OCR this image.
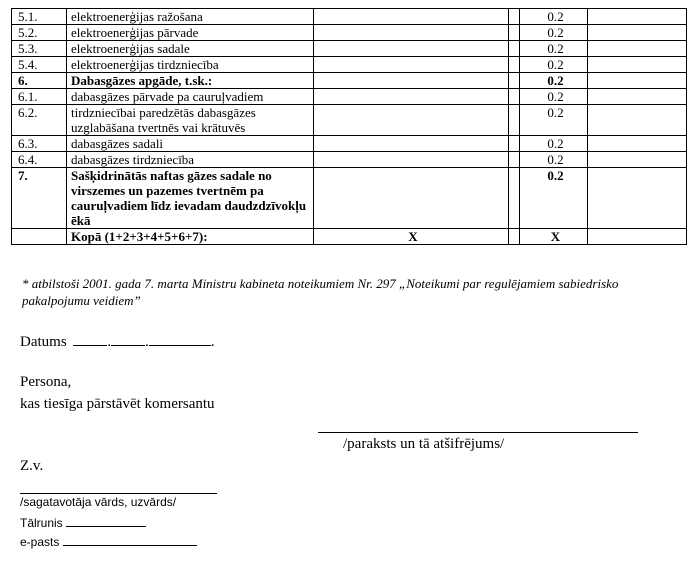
5.1.	elektroenerģijas ražošana			0.2	
5.2.	elektroenerģijas pārvade			0.2	
5.3.	elektroenerģijas sadale			0.2	
5.4.	elektroenerģijas tirdzniecība			0.2	
6.	Dabasgāzes apgāde, t.sk.:			0.2	
6.1.	dabasgāzes pārvade pa cauruļvadiem			0.2	
6.2.	tirdzniecībai paredzētās dabasgāzes uzglabāšana tvertnēs vai krātuvēs			0.2	
6.3.	dabasgāzes sadali			0.2	
6.4.	dabasgāzes tirdzniecība			0.2	
7.	Sašķidrinātās naftas gāzes sadale no virszemes un pazemes tvertnēm pa cauruļvadiem līdz ievadam daudzdzīvokļu ēkā			0.2	
	Kopā (1+2+3+4+5+6+7):	X		X	
* atbilstoši 2001. gada 7. marta Ministru kabineta noteikumiem Nr. 297 „Noteikumi par regulējamiem sabiedrisko pakalpojumu veidiem”
Datums	. .	.
Persona,
kas tiesīga pārstāvēt komersantu
/paraksts un tā atšifrējums/
Z.v.
/sagatavotāja vārds, uzvārds/
Tālrunis
e-pasts
